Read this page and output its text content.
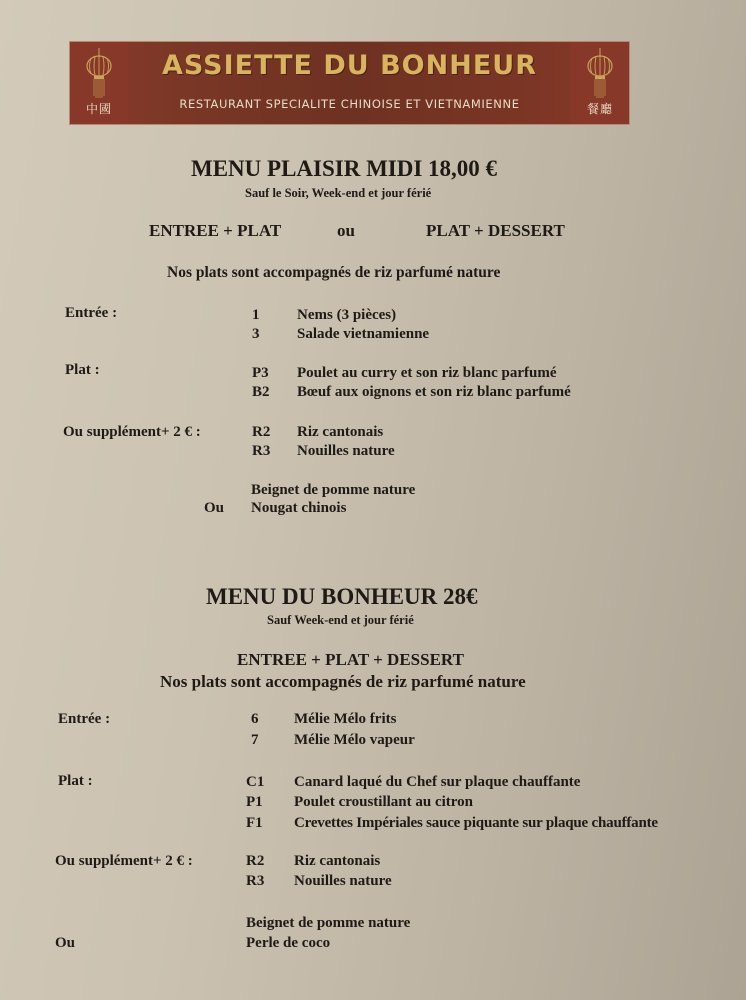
中國
ASSIETTE DU BONHEUR
RESTAURANT SPECIALITE CHINOISE ET VIETNAMIENNE	餐廳
MENU PLAISIR MIDI 18,00 €
Sauf le Soir, Week-end et jour férié
ENTREE + PLAT	ou	PLAT + DESSERT
Nos plats sont accompagnés de riz parfumé nature
Entrée :	1	Nems (3 pièces)
3	Salade vietnamienne
Plat :	P3 Poulet au curry et son riz blanc parfumé
B2 Bœuf aux oignons et son riz blanc parfumé
Ou supplément+ 2 € :	R2 Riz cantonais
R3 Nouilles nature
Beignet de pomme nature
Ou Nougat chinois
MENU DU BONHEUR 28€
Sauf Week-end et jour férié
ENTREE + PLAT + DESSERT
Nos plats sont accompagnés de riz parfumé nature
Entrée :	6 Mélie Mélo frits
7 Mélie Mélo vapeur
Plat :	C1 Canard laqué du Chef sur plaque chauffante
P1 Poulet croustillant au citron
F1 Crevettes Impériales sauce piquante sur plaque chauffante
Ou supplément+ 2 € :	R2 Riz cantonais
R3 Nouilles nature
Beignet de pomme nature
Ou	Perle de coco
